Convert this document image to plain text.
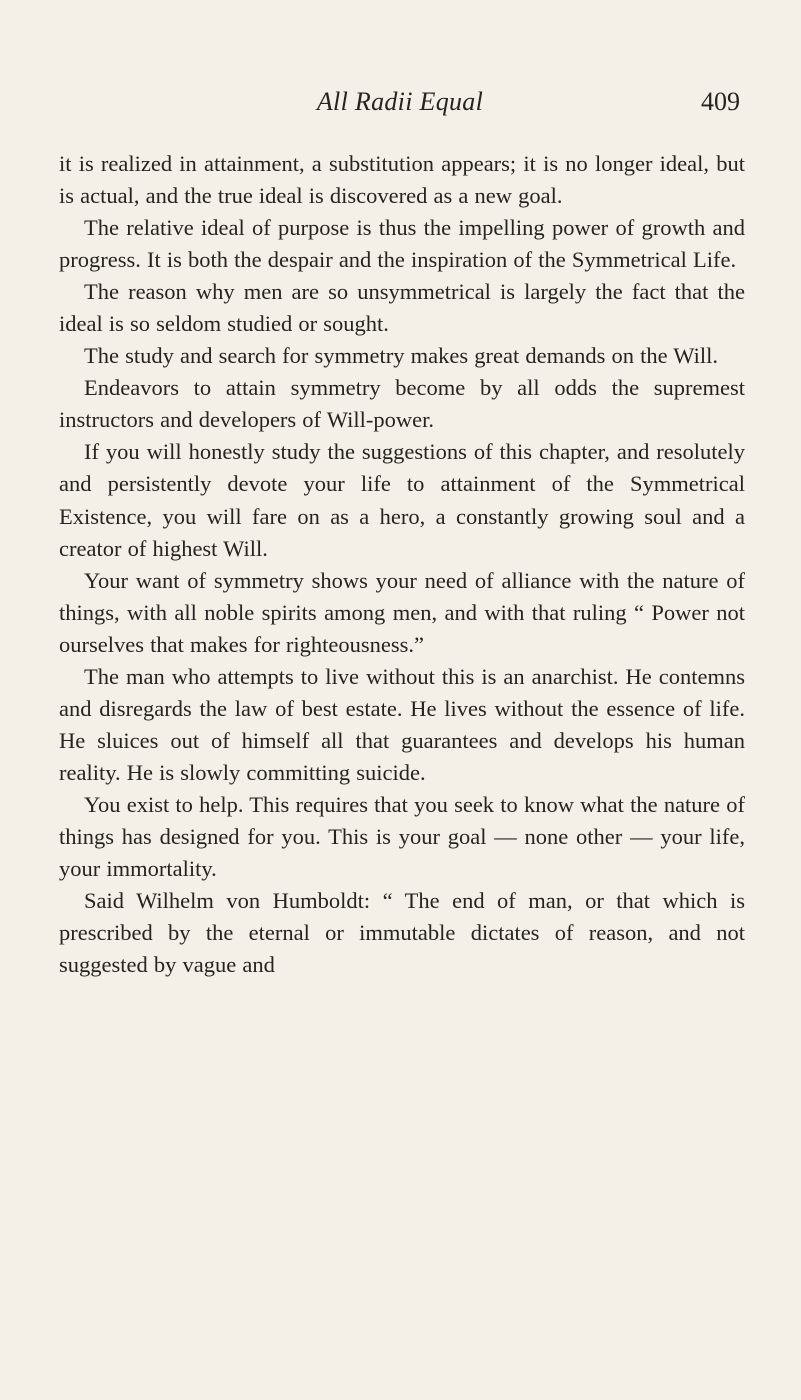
All Radii Equal	409

it is realized in attainment, a substitution appears; it is no longer ideal, but is actual, and the true ideal is discovered as a new goal.

The relative ideal of purpose is thus the impelling power of growth and progress. It is both the despair and the inspiration of the Symmetrical Life.

The reason why men are so unsymmetrical is largely the fact that the ideal is so seldom studied or sought.

The study and search for symmetry makes great demands on the Will.

Endeavors to attain symmetry become by all odds the supremest instructors and developers of Will-power.

If you will honestly study the suggestions of this chapter, and resolutely and persistently devote your life to attainment of the Symmetrical Existence, you will fare on as a hero, a constantly growing soul and a creator of highest Will.

Your want of symmetry shows your need of alliance with the nature of things, with all noble spirits among men, and with that ruling “ Power not ourselves that makes for righteousness.”

The man who attempts to live without this is an anarchist. He contemns and disregards the law of best estate. He lives without the essence of life. He sluices out of himself all that guarantees and develops his human reality. He is slowly committing suicide.

You exist to help. This requires that you seek to know what the nature of things has designed for you. This is your goal — none other — your life, your immortality.

Said Wilhelm von Humboldt: “ The end of man, or that which is prescribed by the eternal or immutable dictates of reason, and not suggested by vague and
